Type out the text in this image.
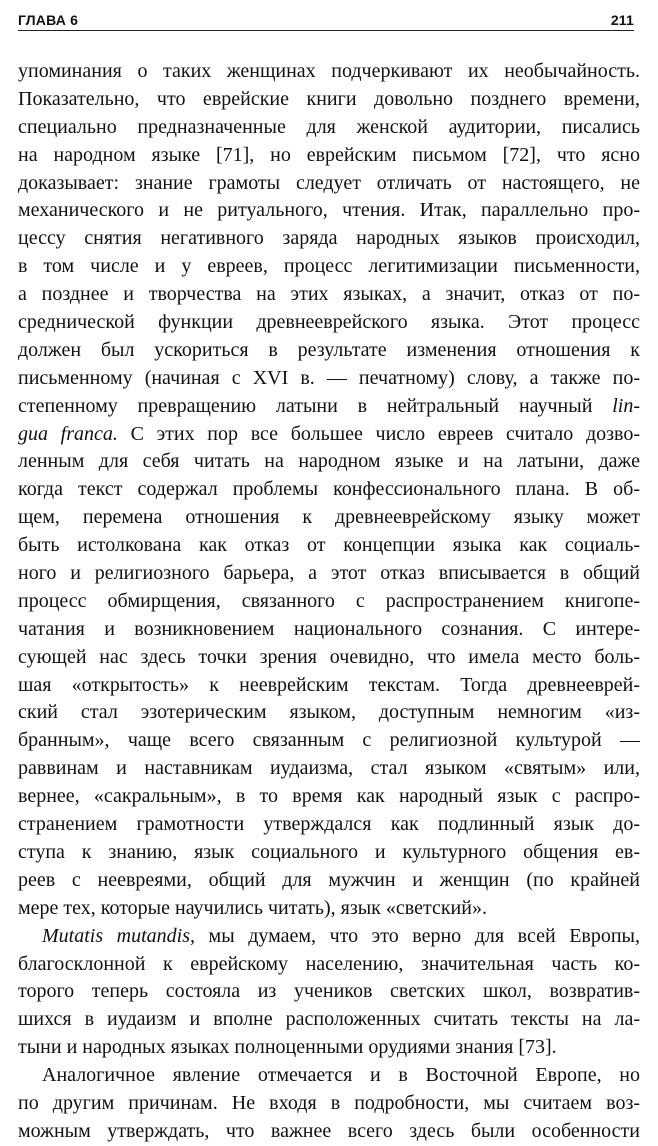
ГЛАВА 6	211
упоминания о таких женщинах подчеркивают их необычайность.
Показательно, что еврейские книги довольно позднего времени,
специально предназначенные для женской аудитории, писались
на народном языке [71], но еврейским письмом [72], что ясно
доказывает: знание грамоты следует отличать от настоящего, не
механического и не ритуального, чтения. Итак, параллельно про-
цессу снятия негативного заряда народных языков происходил,
в том числе и у евреев, процесс легитимизации письменности,
а позднее и творчества на этих языках, а значит, отказ от по-
среднической функции древнееврейского языка. Этот процесс
должен был ускориться в результате изменения отношения к
письменному (начиная с XVI в. — печатному) слову, а также по-
степенному превращению латыни в нейтральный научный lin-
gua franca. С этих пор все большее число евреев считало дозво-
ленным для себя читать на народном языке и на латыни, даже
когда текст содержал проблемы конфессионального плана. В об-
щем, перемена отношения к древнееврейскому языку может
быть истолкована как отказ от концепции языка как социаль-
ного и религиозного барьера, а этот отказ вписывается в общий
процесс обмирщения, связанного с распространением книгопе-
чатания и возникновением национального сознания. С интере-
сующей нас здесь точки зрения очевидно, что имела место боль-
шая «открытость» к нееврейским текстам. Тогда древнееврей-
ский стал эзотерическим языком, доступным немногим «из-
бранным», чаще всего связанным с религиозной культурой —
раввинам и наставникам иудаизма, стал языком «святым» или,
вернее, «сакральным», в то время как народный язык с распро-
странением грамотности утверждался как подлинный язык до-
ступа к знанию, язык социального и культурного общения ев-
реев с неевреями, общий для мужчин и женщин (по крайней
мере тех, которые научились читать), язык «светский».
Mutatis mutandis, мы думаем, что это верно для всей Европы,
благосклонной к еврейскому населению, значительная часть ко-
торого теперь состояла из учеников светских школ, возвратив-
шихся в иудаизм и вполне расположенных считать тексты на ла-
тыни и народных языках полноценными орудиями знания [73].
Аналогичное явление отмечается и в Восточной Европе, но
по другим причинам. Не входя в подробности, мы считаем воз-
можным утверждать, что важнее всего здесь были особенности
